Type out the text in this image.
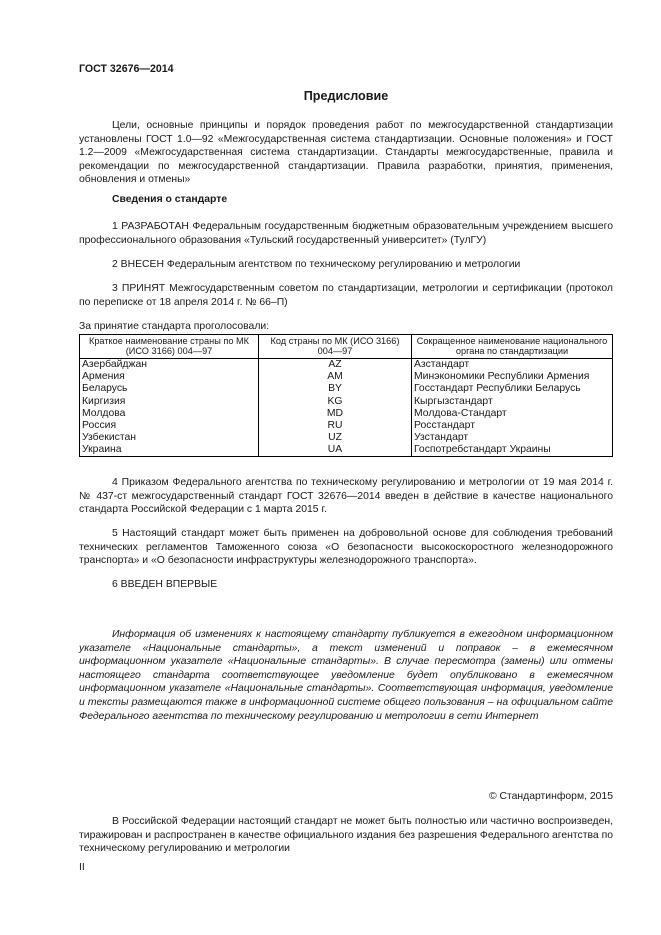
ГОСТ 32676—2014
Предисловие

Цели, основные принципы и порядок проведения работ по межгосударственной стандартизации установлены ГОСТ 1.0—92 «Межгосударственная система стандартизации. Основные положения» и ГОСТ 1.2—2009 «Межгосударственная система стандартизации. Стандарты межгосударственные, правила и рекомендации по межгосударственной стандартизации. Правила разработки, принятия, применения, обновления и отмены»

Сведения о стандарте

1 РАЗРАБОТАН Федеральным государственным бюджетным образовательным учреждением высшего профессионального образования «Тульский государственный университет» (ТулГУ)

2 ВНЕСЕН Федеральным агентством по техническому регулированию и метрологии

3 ПРИНЯТ Межгосударственным советом по стандартизации, метрологии и сертификации (протокол по переписке от 18 апреля 2014 г. № 66–П)

За принятие стандарта проголосовали:
Краткое наименование страны по МК (ИСО 3166) 004—97	Код страны по МК (ИСО 3166) 004—97	Сокращенное наименование национального органа по стандартизации
Азербайджан	AZ	Азстандарт
Армения	AM	Минэкономики Республики Армения
Беларусь	BY	Госстандарт Республики Беларусь
Киргизия	KG	Кыргызстандарт
Молдова	MD	Молдова-Стандарт
Россия	RU	Росстандарт
Узбекистан	UZ	Узстандарт
Украина	UA	Госпотребстандарт Украины

4 Приказом Федерального агентства по техническому регулированию и метрологии от 19 мая 2014 г. № 437-ст межгосударственный стандарт ГОСТ 32676—2014 введен в действие в качестве национального стандарта Российской Федерации с 1 марта 2015 г.

5 Настоящий стандарт может быть применен на добровольной основе для соблюдения требований технических регламентов Таможенного союза «О безопасности высокоскоростного железнодорожного транспорта» и «О безопасности инфраструктуры железнодорожного транспорта».

6 ВВЕДЕН ВПЕРВЫЕ

Информация об изменениях к настоящему стандарту публикуется в ежегодном информационном указателе «Национальные стандарты», а текст изменений и поправок – в ежемесячном информационном указателе «Национальные стандарты». В случае пересмотра (замены) или отмены настоящего стандарта соответствующее уведомление будет опубликовано в ежемесячном информационном указателе «Национальные стандарты». Соответствующая информация, уведомление и тексты размещаются также в информационной системе общего пользования – на официальном сайте Федерального агентства по техническому регулированию и метрологии в сети Интернет

© Стандартинформ, 2015

В Российской Федерации настоящий стандарт не может быть полностью или частично воспроизведен, тиражирован и распространен в качестве официального издания без разрешения Федерального агентства по техническому регулированию и метрологии

II
